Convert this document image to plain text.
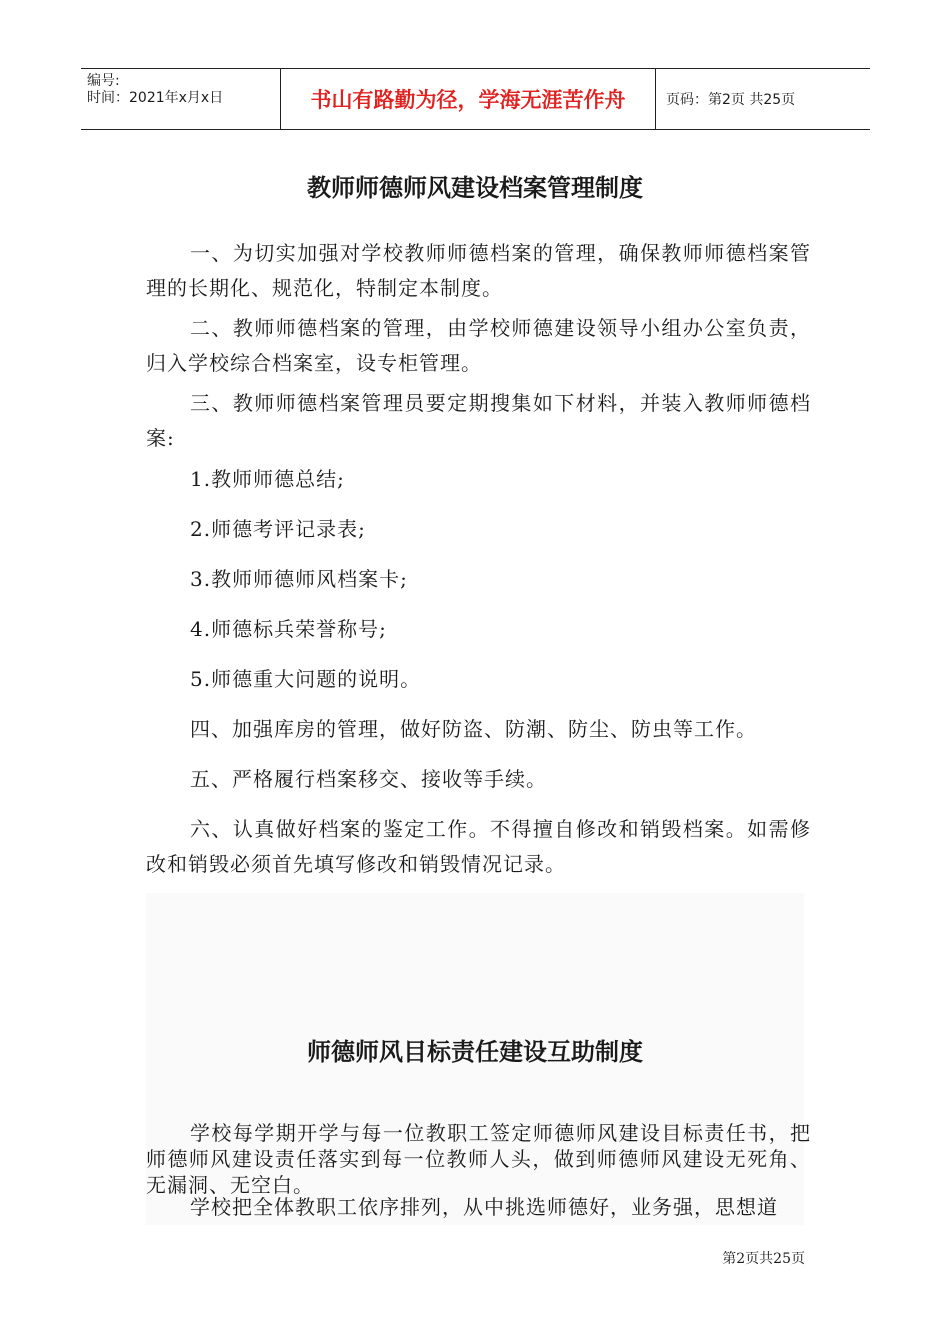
编号:
时间：2021年x月x日	书山有路勤为径，学海无涯苦作舟	页码：第2页 共25页
教师师德师风建设档案管理制度
一、为切实加强对学校教师师德档案的管理，确保教师师德档案管理的长期化、规范化，特制定本制度。
二、教师师德档案的管理，由学校师德建设领导小组办公室负责，归入学校综合档案室，设专柜管理。
三、教师师德档案管理员要定期搜集如下材料，并装入教师师德档案:
1.教师师德总结;
2.师德考评记录表;
3.教师师德师风档案卡;
4.师德标兵荣誉称号;
5.师德重大问题的说明。
四、加强库房的管理，做好防盗、防潮、防尘、防虫等工作。
五、严格履行档案移交、接收等手续。
六、认真做好档案的鉴定工作。不得擅自修改和销毁档案。如需修改和销毁必须首先填写修改和销毁情况记录。
师德师风目标责任建设互助制度
学校每学期开学与每一位教职工签定师德师风建设目标责任书，把师德师风建设责任落实到每一位教师人头，做到师德师风建设无死角、无漏洞、无空白。
学校把全体教职工依序排列，从中挑选师德好，业务强，思想道
第2页共25页
